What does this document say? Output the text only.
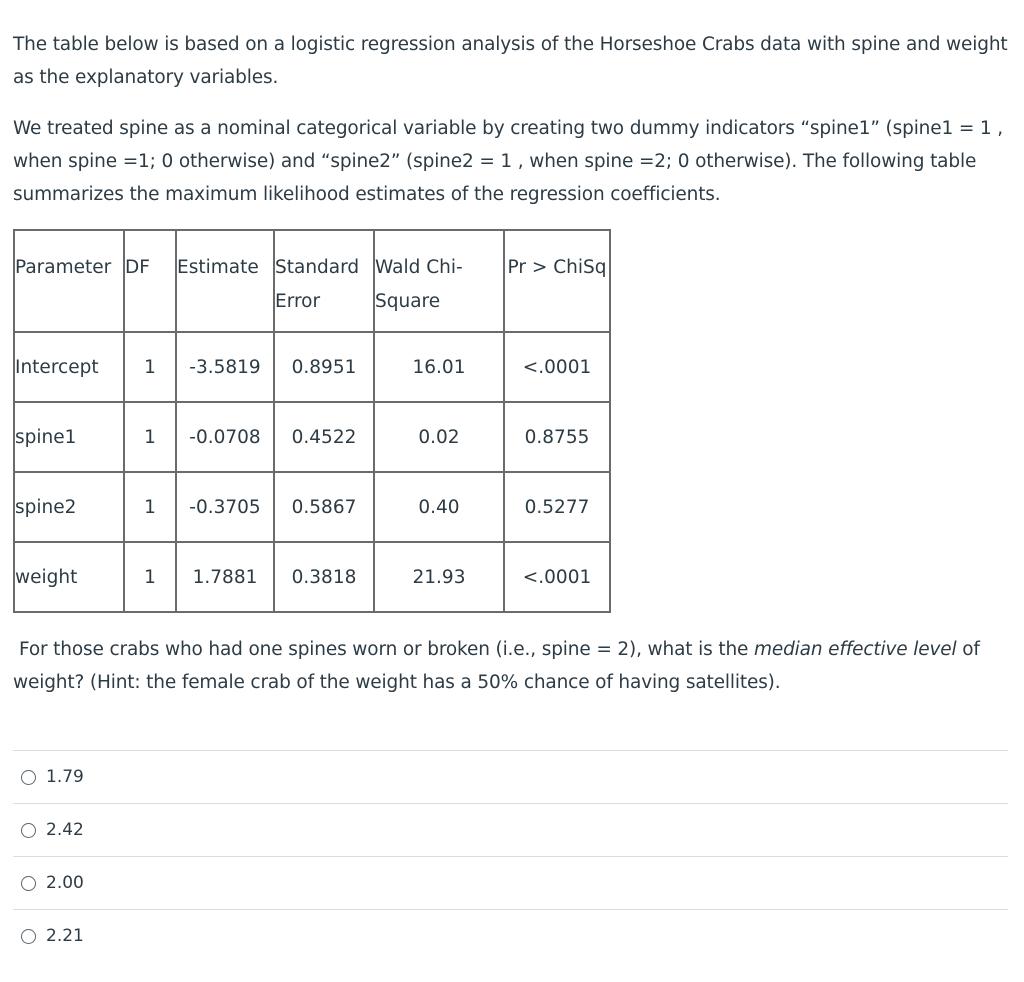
The table below is based on a logistic regression analysis of the Horseshoe Crabs data with spine and weight as the explanatory variables.

We treated spine as a nominal categorical variable by creating two dummy indicators “spine1” (spine1 = 1 , when spine =1; 0 otherwise) and “spine2” (spine2 = 1 , when spine =2; 0 otherwise). The following table summarizes the maximum likelihood estimates of the regression coefficients.

Parameter	DF	Estimate	Standard Error	Wald Chi-Square	Pr > ChiSq
Intercept	1	-3.5819	0.8951	16.01	<.0001
spine1	1	-0.0708	0.4522	0.02	0.8755
spine2	1	-0.3705	0.5867	0.40	0.5277
weight	1	1.7881	0.3818	21.93	<.0001

For those crabs who had one spines worn or broken (i.e., spine = 2), what is the median effective level of weight? (Hint: the female crab of the weight has a 50% chance of having satellites).

1.79
2.42
2.00
2.21
